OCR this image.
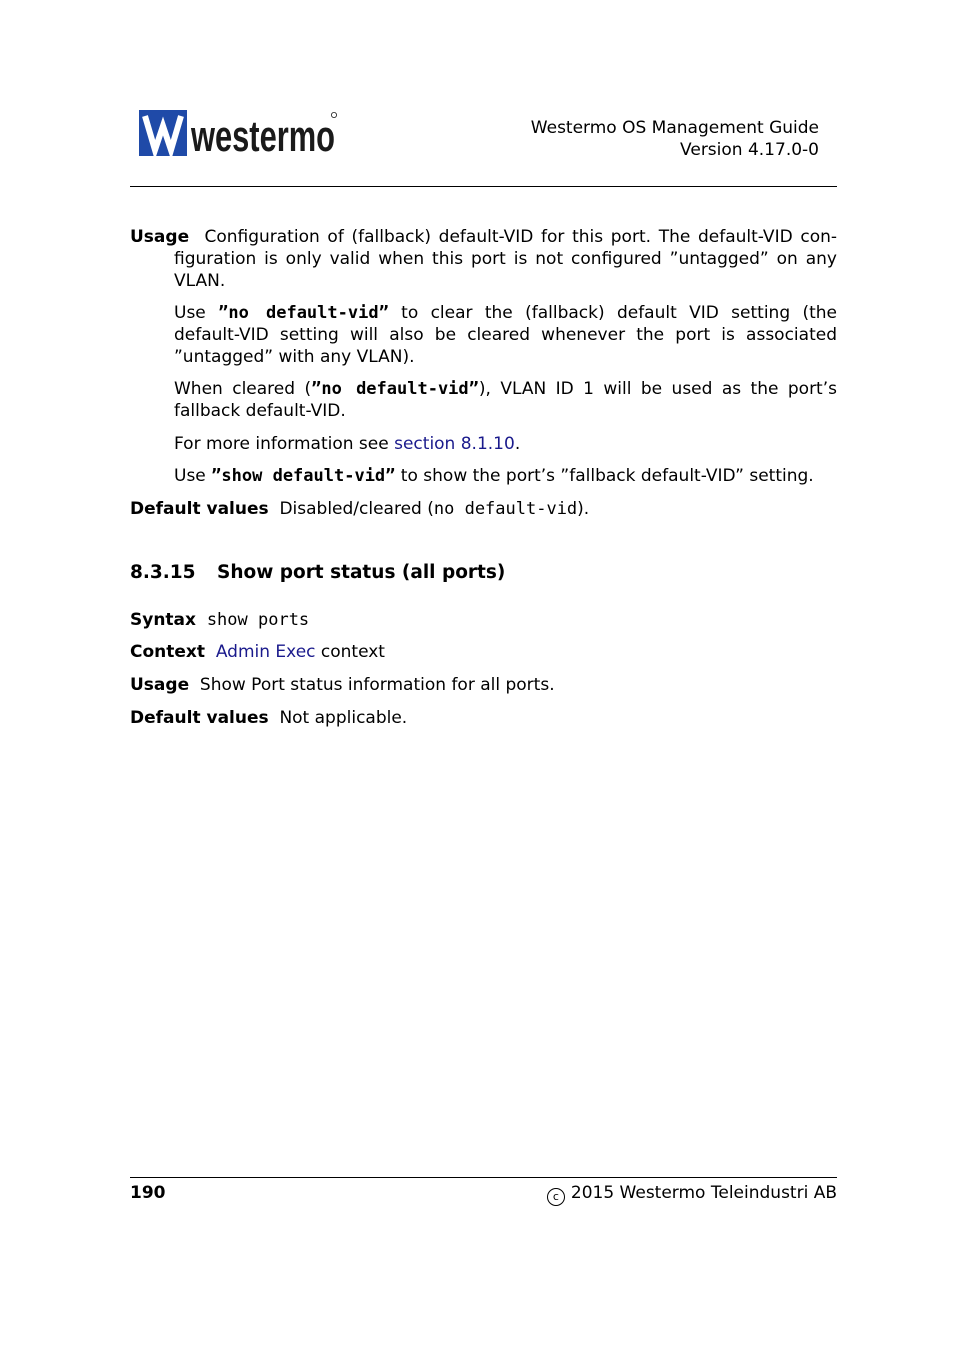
westermo	Westermo OS Management Guide
Version 4.17.0-0
Usage Configuration of (fallback) default-VID for this port. The default-VID con-
figuration is only valid when this port is not configured ”untagged” on any VLAN.
Use ”no default-vid” to clear the (fallback) default VID setting (the default-VID setting will also be cleared whenever the port is associated ”untagged” with any VLAN).
When cleared (”no default-vid”), VLAN ID 1 will be used as the port’s fallback default-VID.
For more information see section 8.1.10.
Use ”show default-vid” to show the port’s ”fallback default-VID” setting.
Default values Disabled/cleared (no default-vid).
8.3.15 Show port status (all ports)
Syntax show ports
Context Admin Exec context
Usage Show Port status information for all ports.
Default values Not applicable.
190	c 2015 Westermo Teleindustri AB
